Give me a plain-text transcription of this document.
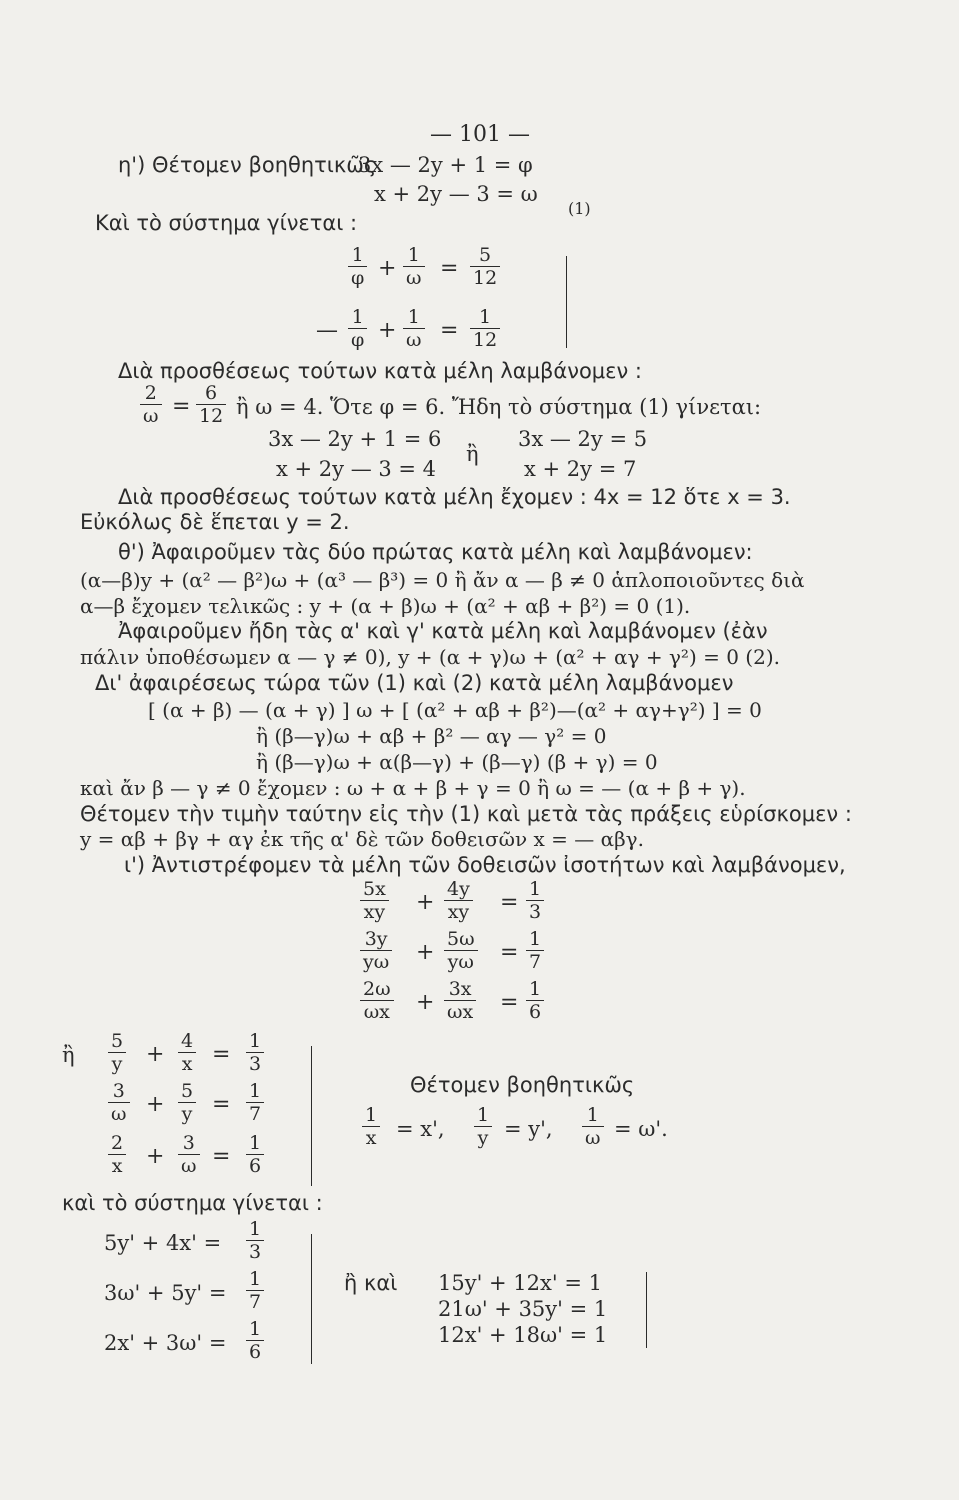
— 101 —
η') Θέτομεν βοηθητικῶς
3x — 2y + 1 = φ
x + 2y — 3 = ω
(1)
Καὶ τὸ σύστημα γίνεται :
$\frac{1}{\varphi} + \frac{1}{\omega} = \frac{5}{12}$
— $\frac{1}{\varphi} + \frac{1}{\omega} = \frac{1}{12}$
Διὰ προσθέσεως τούτων κατὰ μέλη λαμβάνομεν :
$\frac{2}{\omega} = \frac{6}{12}$ ἢ ω = 4. Ὅτε φ = 6. Ἤδη τὸ σύστημα (1) γίνεται:
3x — 2y + 1 = 6
x + 2y — 3 = 4
ἢ
3x — 2y = 5
x + 2y = 7
Διὰ προσθέσεως τούτων κατὰ μέλη ἔχομεν : 4x = 12 ὅτε x = 3.
Εὐκόλως δὲ ἕπεται y = 2.
θ') Ἀφαιροῦμεν τὰς δύο πρώτας κατὰ μέλη καὶ λαμβάνομεν:
(α—β)y + (α² — β²)ω + (α³ — β³) = 0 ἢ ἄν α — β ≠ 0 ἁπλοποιοῦντες διὰ
α—β ἔχομεν τελικῶς : y + (α + β)ω + (α² + αβ + β²) = 0 (1).
Ἀφαιροῦμεν ἤδη τὰς α' καὶ γ' κατὰ μέλη καὶ λαμβάνομεν (ἐὰν
πάλιν ὑποθέσωμεν α — γ ≠ 0), y + (α + γ)ω + (α² + αγ + γ²) = 0 (2).
Δι' ἀφαιρέσεως τώρα τῶν (1) καὶ (2) κατὰ μέλη λαμβάνομεν
[ (α + β) — (α + γ) ] ω + [ (α² + αβ + β²)—(α² + αγ+γ²) ] = 0
ἢ (β—γ)ω + αβ + β² — αγ — γ² = 0
ἢ (β—γ)ω + α(β—γ) + (β—γ) (β + γ) = 0
καὶ ἄν β — γ ≠ 0 ἔχομεν : ω + α + β + γ = 0 ἢ ω = — (α + β + γ).
Θέτομεν τὴν τιμὴν ταύτην εἰς τὴν (1) καὶ μετὰ τὰς πράξεις εὑρίσκομεν :
y = αβ + βγ + αγ ἐκ τῆς α' δὲ τῶν δοθεισῶν x = — αβγ.
ι') Ἀντιστρέφομεν τὰ μέλη τῶν δοθεισῶν ἰσοτήτων καὶ λαμβάνομεν,
$\frac{5x}{xy} + \frac{4y}{xy} = \frac{1}{3}$
$\frac{3y}{y\omega} + \frac{5\omega}{y\omega} = \frac{1}{7}$
$\frac{2\omega}{\omega x} + \frac{3x}{\omega x} = \frac{1}{6}$
ἢ $\frac{5}{y} + \frac{4}{x} = \frac{1}{3}$
$\frac{3}{\omega} + \frac{5}{y} = \frac{1}{7}$
$\frac{2}{x} + \frac{3}{\omega} = \frac{1}{6}$
Θέτομεν βοηθητικῶς
$\frac{1}{x} = x'$, $\frac{1}{y} = y'$, $\frac{1}{\omega} = \omega'$.
καὶ τὸ σύστημα γίνεται :
$5y' + 4x' = \frac{1}{3}$
$3\omega' + 5y' = \frac{1}{7}$
$2x' + 3\omega' = \frac{1}{6}$
ἢ καὶ 15y' + 12x' = 1
21ω' + 35y' = 1
12x' + 18ω' = 1
